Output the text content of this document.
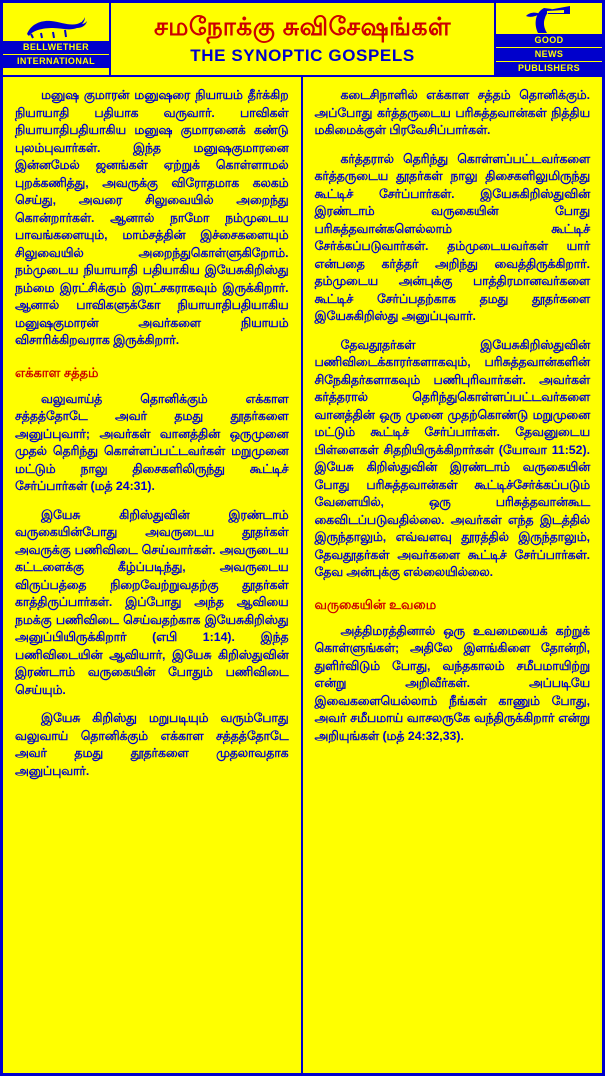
BELLWETHER
INTERNATIONAL
சமநோக்கு சுவிசேஷங்கள்
THE SYNOPTIC GOSPELS
GOOD
NEWS
PUBLISHERS

மனுஷ குமாரன் மனுஷரை நியாயம் தீர்க்கிற நியாயாதி பதியாக வருவார். பாவிகள் நியாயாதிபதியாகிய மனுஷ குமாரனைக் கண்டு புலம்புவார்கள். இந்த மனுஷகுமாரனை இன்னமேல் ஜனங்கள் ஏற்றுக் கொள்ளாமல் புறக்கணித்து, அவருக்கு விரோதமாக கலகம் செய்து, அவரை சிலுவையில் அறைந்து கொன்றார்கள். ஆனால் நாமோ நம்முடைய பாவங்களையும், மாம்சத்தின் இச்சைகளையும் சிலுவையில் அறைந்துகொள்ளுகிறோம். நம்முடைய நியாயாதி பதியாகிய இயேசுகிறிஸ்து நம்மை இரட்சிக்கும் இரட்சகராகவும் இருக்கிறார். ஆனால் பாவிகளுக்கோ நியாயாதிபதியாகிய மனுஷகுமாரன் அவர்களை நியாயம் விசாரிக்கிறவராக இருக்கிறார்.

எக்காள சத்தம்

வலுவாய்த் தொனிக்கும் எக்காள சத்தத்தோடே அவர் தமது தூதர்களை அனுப்புவார்; அவர்கள் வானத்தின் ஒருமுனை முதல் தெரிந்து கொள்ளப்பட்டவர்கள் மறுமுனை மட்டும் நாலு திசைகளிலிருந்து கூட்டிச் சேர்ப்பார்கள் (மத் 24:31).

இயேசு கிறிஸ்துவின் இரண்டாம் வருகையின்போது அவருடைய தூதர்கள் அவருக்கு பணிவிடை செய்வார்கள். அவருடைய கட்டளைக்கு கீழ்ப்படிந்து, அவருடைய விருப்பத்தை நிறைவேற்றுவதற்கு தூதர்கள் காத்திருப்பார்கள். இப்போது அந்த ஆவியை நமக்கு பணிவிடை செய்வதற்காக இயேசுகிறிஸ்து அனுப்பியிருக்கிறார் (எபி 1:14). இந்த பணிவிடையின் ஆவியார், இயேசு கிறிஸ்துவின் இரண்டாம் வருகையின் போதும் பணிவிடை செய்யும்.

இயேசு கிறிஸ்து மறுபடியும் வரும்போது வலுவாய் தொனிக்கும் எக்காள சத்தத்தோடே அவர் தமது தூதர்களை முதலாவதாக அனுப்புவார்.

கடைசிநாளில் எக்காள சத்தம் தொனிக்கும். அப்போது கர்த்தருடைய பரிசுத்தவான்கள் நித்திய மகிமைக்குள் பிரவேசிப்பார்கள்.

கர்த்தரால் தெரிந்து கொள்ளப்பட்டவர்களை கர்த்தருடைய தூதர்கள் நாலு திசைகளிலுமிருந்து கூட்டிச் சேர்ப்பார்கள். இயேசுகிறிஸ்துவின் இரண்டாம் வருகையின் போது பரிசுத்தவான்களெல்லாம் கூட்டிச் சேர்க்கப்படுவார்கள். தம்முடையவர்கள் யார் என்பதை கர்த்தர் அறிந்து வைத்திருக்கிறார். தம்முடைய அன்புக்கு பாத்திரமானவர்களை கூட்டிச் சேர்ப்பதற்காக தமது தூதர்களை இயேசுகிறிஸ்து அனுப்புவார்.

தேவதூதர்கள் இயேசுகிறிஸ்துவின் பணிவிடைக்காரர்களாகவும், பரிசுத்தவான்களின் சிநேகிதர்களாகவும் பணிபுரிவார்கள். அவர்கள் கர்த்தரால் தெரிந்துகொள்ளப்பட்டவர்களை வானத்தின் ஒரு முனை முதற்கொண்டு மறுமுனை மட்டும் கூட்டிச் சேர்ப்பார்கள். தேவனுடைய பிள்ளைகள் சிதறியிருக்கிறார்கள் (யோவா 11:52). இயேசு கிறிஸ்துவின் இரண்டாம் வருகையின் போது பரிசுத்தவான்கள் கூட்டிச்சேர்க்கப்படும் வேளையில், ஒரு பரிசுத்தவான்கூட கைவிடப்படுவதில்லை. அவர்கள் எந்த இடத்தில் இருந்தாலும், எவ்வளவு தூரத்தில் இருந்தாலும், தேவதூதர்கள் அவர்களை கூட்டிச் சேர்ப்பார்கள். தேவ அன்புக்கு எல்லையில்லை.

வருகையின் உவமை

அத்திமரத்தினால் ஒரு உவமையைக் கற்றுக் கொள்ளுங்கள்; அதிலே இளங்கிளை தோன்றி, துளிர்விடும் போது, வந்தகாலம் சமீபமாயிற்று என்று அறிவீர்கள். அப்படியே இவைகளையெல்லாம் நீங்கள் காணும் போது, அவர் சமீபமாய் வாசலருகே வந்திருக்கிறார் என்று அறியுங்கள் (மத் 24:32,33).
